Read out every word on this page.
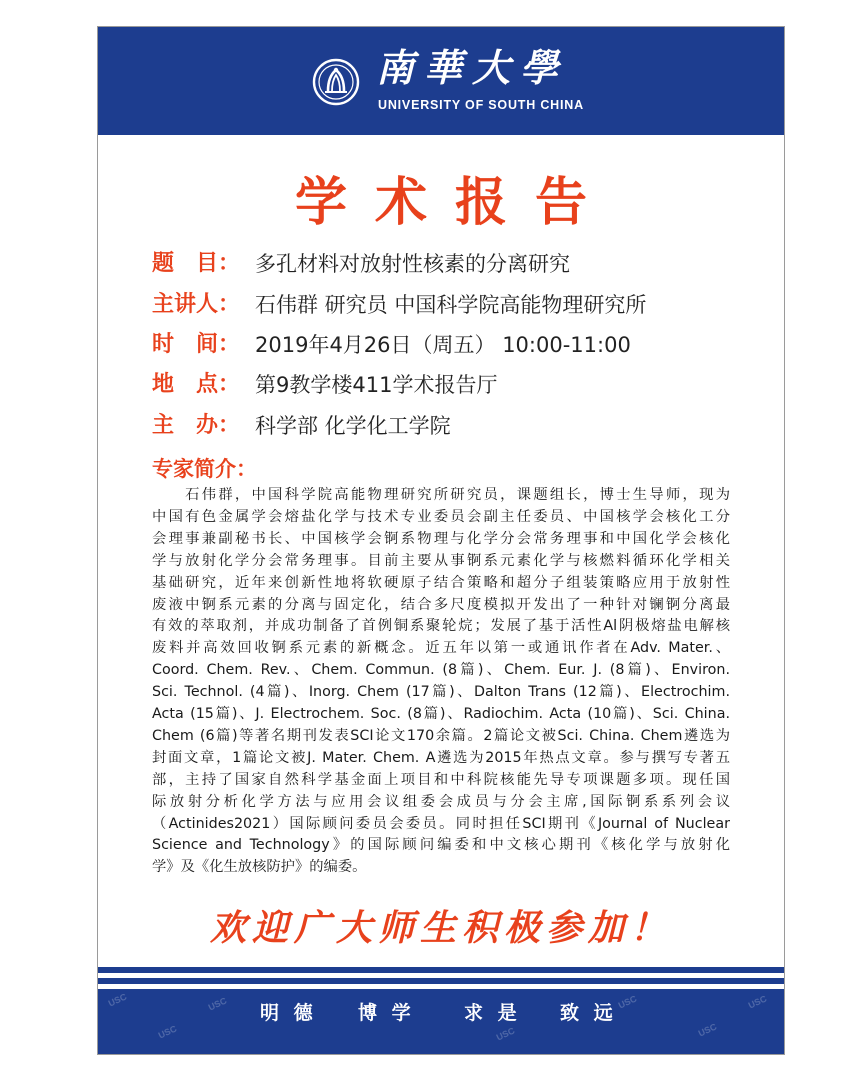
南華大學
UNIVERSITY OF SOUTH CHINA
学术报告
题　目： 多孔材料对放射性核素的分离研究
主讲人： 石伟群 研究员 中国科学院高能物理研究所
时　间： 2019年4月26日（周五） 10:00-11:00
地　点： 第9教学楼411学术报告厅
主　办： 科学部 化学化工学院
专家简介：
　　石伟群，中国科学院高能物理研究所研究员，课题组长，博士生导师，现为
中国有色金属学会熔盐化学与技术专业委员会副主任委员、中国核学会核化工分
会理事兼副秘书长、中国核学会锕系物理与化学分会常务理事和中国化学会核化
学与放射化学分会常务理事。目前主要从事锕系元素化学与核燃料循环化学相关
基础研究，近年来创新性地将软硬原子结合策略和超分子组装策略应用于放射性
废液中锕系元素的分离与固定化，结合多尺度模拟开发出了一种针对镧锕分离最
有效的萃取剂，并成功制备了首例铜系聚轮烷；发展了基于活性Al阴极熔盐电解核
废料并高效回收锕系元素的新概念。近五年以第一或通讯作者在Adv. Mater.、
Coord. Chem. Rev.、Chem. Commun. (8篇)、Chem. Eur. J. (8篇)、Environ.
Sci. Technol. (4篇)、Inorg. Chem (17篇)、Dalton Trans (12篇)、Electrochim.
Acta (15篇)、J. Electrochem. Soc. (8篇)、Radiochim. Acta (10篇)、Sci. China.
Chem (6篇)等著名期刊发表SCI论文170余篇。2篇论文被Sci. China. Chem遴选为
封面文章，1篇论文被J. Mater. Chem. A遴选为2015年热点文章。参与撰写专著五
部，主持了国家自然科学基金面上项目和中科院核能先导专项课题多项。现任国
际放射分析化学方法与应用会议组委会成员与分会主席,国际锕系系列会议
（Actinides2021）国际顾问委员会委员。同时担任SCI期刊《Journal of Nuclear
Science and Technology》的国际顾问编委和中文核心期刊《核化学与放射化
学》及《化生放核防护》的编委。
欢迎广大师生积极参加！
USC
USC
USC
USC
USC
USC
USC
明 德 博 学	求 是 致 远
